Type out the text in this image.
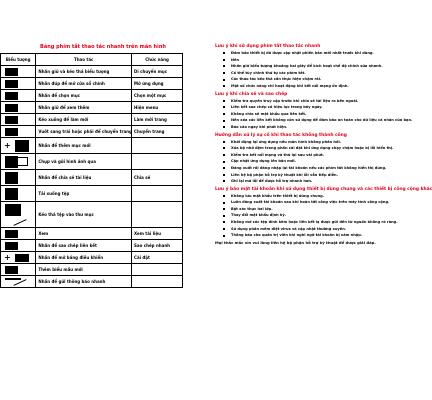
Bảng phím tắt thao tác nhanh trên màn hình
Biểu tượng	Thao tác	Chức năng

	Nhấn giữ và kéo thả biểu tượng	Di chuyển mục

	Nhấn đúp để mở cửa sổ chính	Mở ứng dụng

	Nhấn để chọn mục	Chọn một mục

	Nhấn giữ để xem thêm	Hiện menu

	Kéo xuống để làm mới	Làm mới trang

	Vuốt sang trái hoặc phải để chuyển trang	Chuyển trang

+	Nhấn để thêm mục mới	

	Chụp và gửi hình ảnh qua	

	Nhấn để chia sẻ tài liệu	Chia sẻ

	Tải xuống tệp	

	Kéo thả tệp vào thư mục	

	Xem	Xem tài liệu

	Nhấn để sao chép liên kết	Sao chép nhanh

+	Nhấn để mở bảng điều khiển	Cài đặt

	Thêm biểu mẫu mới	

	Nhấn để gửi thông báo nhanh	
Lưu ý khi sử dụng phím tắt thao tác nhanh
Đảm bảo thiết bị đã được cập nhật phiên bản mới nhất trước khi dùng.
Nên
Nhấn giữ biểu tượng khoảng hai giây để kích hoạt chế độ chỉnh sửa nhanh.
Có thể tùy chỉnh thứ tự các phím tắt.
Các thao tác kéo thả cần thực hiện chậm rãi.
Một số chức năng chỉ hoạt động khi kết nối mạng ổn định.
Lưu ý khi chia sẻ và sao chép
Kiểm tra quyền truy cập trước khi chia sẻ tài liệu ra bên ngoài.
Liên kết sao chép có hiệu lực trong bảy ngày.
Không chia sẻ mật khẩu qua liên kết.
Nên xóa các liên kết không còn sử dụng để đảm bảo an toàn cho dữ liệu cá nhân của bạn.
Báo cáo ngay khi phát hiện.
Hướng dẫn xử lý sự cố khi thao tác không thành công
Khởi động lại ứng dụng nếu màn hình không phản hồi.
Xóa bộ nhớ đệm trong phần cài đặt khi ứng dụng chạy chậm hoặc bị lỗi hiển thị.
Kiểm tra kết nối mạng và thử lại sau vài phút.
Cập nhật ứng dụng lên bản mới.
Đăng xuất rồi đăng nhập lại tài khoản nếu các phím tắt không hiển thị đúng.
Liên hệ bộ phận hỗ trợ kỹ thuật khi lỗi vẫn tiếp diễn.
Ghi lại mã lỗi để được hỗ trợ nhanh hơn.
Lưu ý bảo mật tài khoản khi sử dụng thiết bị dùng chung và các thiết bị công cộng khác
Không lưu mật khẩu trên thiết bị dùng chung.
Luôn đăng xuất tài khoản sau khi hoàn tất công việc trên máy tính công cộng.
Bật xác thực hai lớp.
Thay đổi mật khẩu định kỳ.
Không mở các tệp đính kèm hoặc liên kết lạ được gửi đến từ nguồn không rõ ràng.
Sử dụng phần mềm diệt virus và cập nhật thường xuyên.
Thông báo cho quản trị viên khi nghi ngờ tài khoản bị xâm nhập.
Mọi thắc mắc xin vui lòng liên hệ bộ phận hỗ trợ kỹ thuật để được giải đáp.
